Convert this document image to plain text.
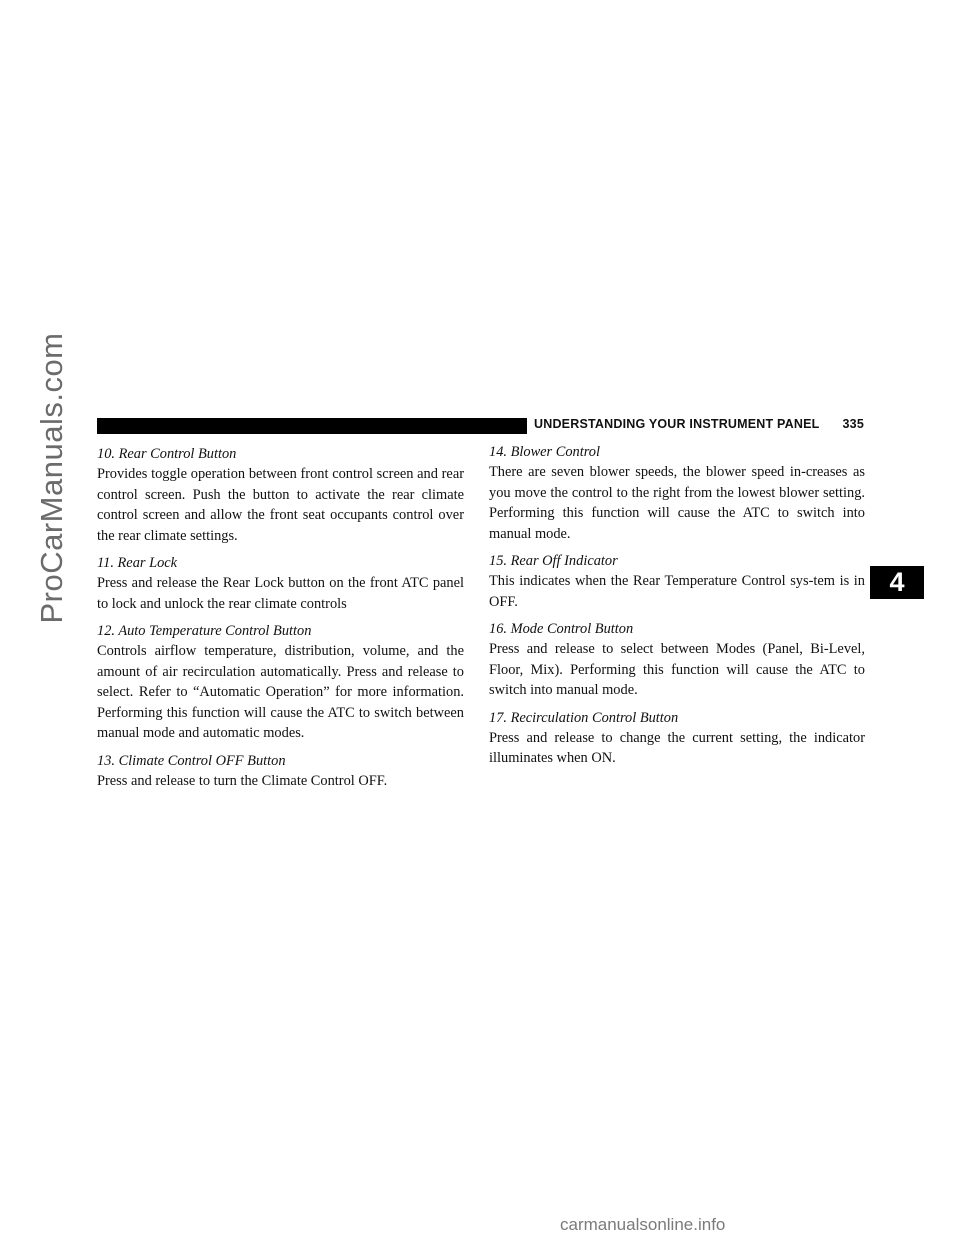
ProCarManuals.com	UNDERSTANDING YOUR INSTRUMENT PANEL 335
4
10. Rear Control Button

Provides toggle operation between front control screen and rear control screen. Push the button to activate the rear climate control screen and allow the front seat occupants control over the rear climate settings.

11. Rear Lock

Press and release the Rear Lock button on the front ATC panel to lock and unlock the rear climate controls

12. Auto Temperature Control Button

Controls airflow temperature, distribution, volume, and the amount of air recirculation automatically. Press and release to select. Refer to “Automatic Operation” for more information. Performing this function will cause the ATC to switch between manual mode and automatic modes.

13. Climate Control OFF Button

Press and release to turn the Climate Control OFF.

14. Blower Control

There are seven blower speeds, the blower speed in-creases as you move the control to the right from the lowest blower setting. Performing this function will cause the ATC to switch into manual mode.

15. Rear Off Indicator

This indicates when the Rear Temperature Control sys-tem is in OFF.

16. Mode Control Button

Press and release to select between Modes (Panel, Bi-Level, Floor, Mix). Performing this function will cause the ATC to switch into manual mode.

17. Recirculation Control Button

Press and release to change the current setting, the indicator illuminates when ON.

carmanualsonline.info
